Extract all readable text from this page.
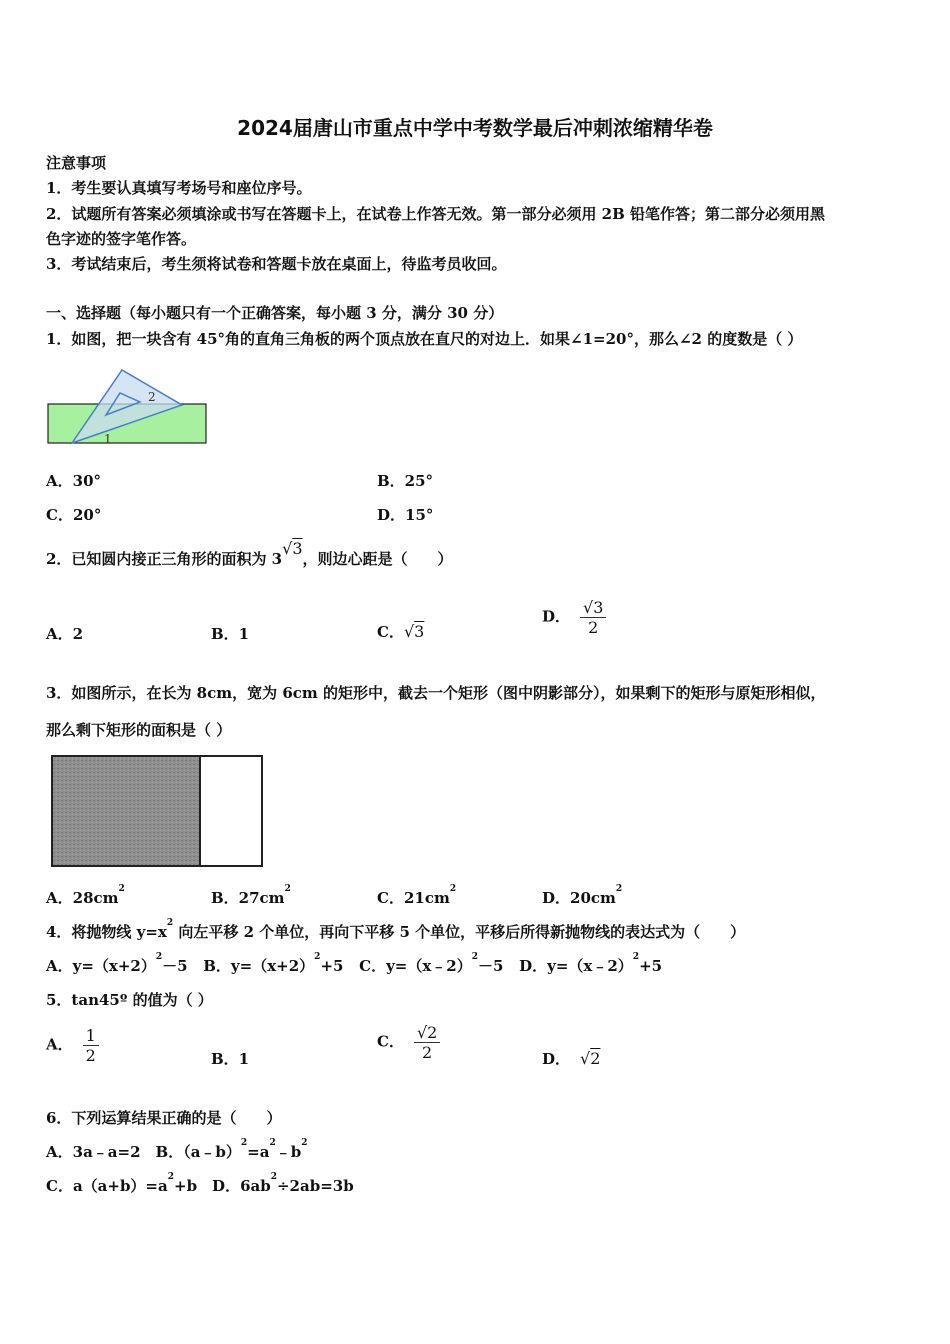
2024届唐山市重点中学中考数学最后冲刺浓缩精华卷
注意事项
1．考生要认真填写考场号和座位序号。
2．试题所有答案必须填涂或书写在答题卡上，在试卷上作答无效。第一部分必须用 2B 铅笔作答；第二部分必须用黑
色字迹的签字笔作答。
3．考试结束后，考生须将试卷和答题卡放在桌面上，待监考员收回。
一、选择题（每小题只有一个正确答案，每小题 3 分，满分 30 分）
1．如图，把一块含有 45°角的直角三角板的两个顶点放在直尺的对边上．如果∠1=20°，那么∠2 的度数是（ ）
2
1
A．30°	B．25°
C．20°	D．15°
2．已知圆内接正三角形的面积为 3√3，则边心距是（　　）
A．2	B．1	C．√3
D． $\frac{√3}{2}$
3．如图所示，在长为 8cm，宽为 6cm 的矩形中，截去一个矩形（图中阴影部分），如果剩下的矩形与原矩形相似，
那么剩下矩形的面积是（ ）
A．$28cm^2$	B．$27cm^2$	C．$21cm^2$	D．$20cm^2$
4．将抛物线 $y=x^2$ 向左平移 2 个单位，再向下平移 5 个单位，平移后所得新抛物线的表达式为（　　）
A．$y=(x+2)^2-5$ B．$y=(x+2)^2+5$ C．y=（x﹣2）$^2$－5 D．y=（x﹣2）$^2$+5
5．tan45º 的值为（ ）
A． $\frac{1}{2}$	B．1
C． $\frac{√2}{2}$	D． √2
6．下列运算结果正确的是（　　）
A．3a﹣a=2　B．$(a﹣b)^2=a^2﹣b^2$
C．$a(a+b)=a^2+b$　D．$6ab^2\div 2ab=3b$
